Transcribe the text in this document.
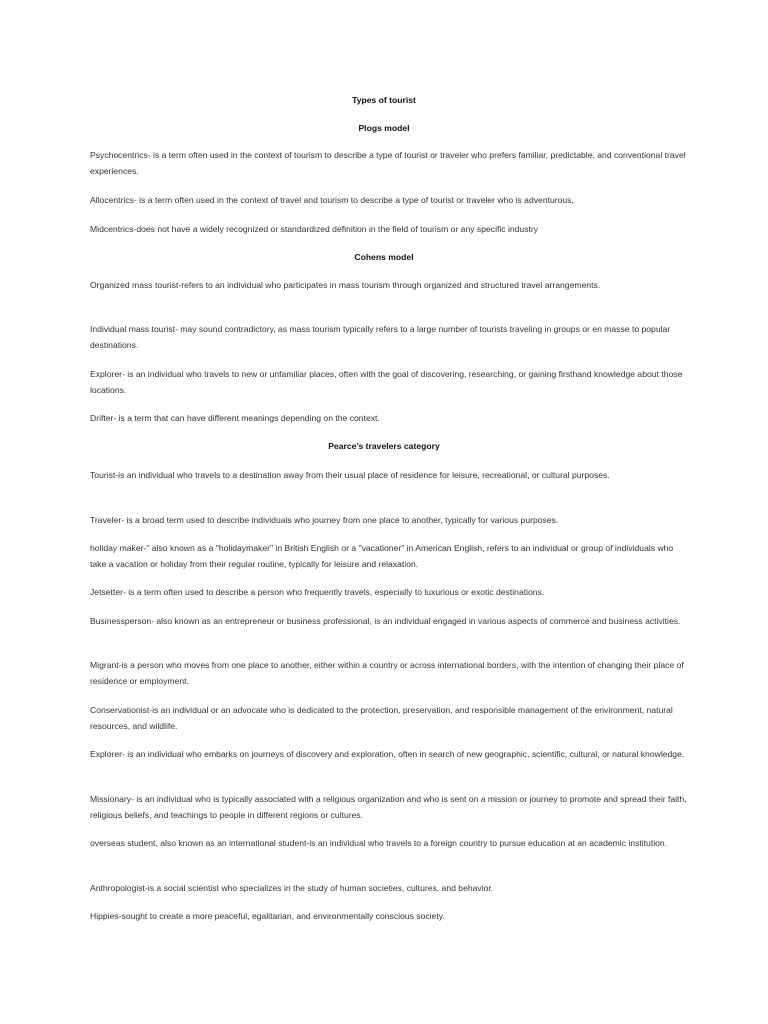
Types of tourist
Plogs model

Psychocentrics- is a term often used in the context of tourism to describe a type of tourist or traveler who prefers familiar, predictable, and conventional travel experiences.

Allocentrics- is a term often used in the context of travel and tourism to describe a type of tourist or traveler who is adventurous,

Midcentrics-does not have a widely recognized or standardized definition in the field of tourism or any specific industry

Cohens model

Organized mass tourist-refers to an individual who participates in mass tourism through organized and structured travel arrangements.

Individual mass tourist- may sound contradictory, as mass tourism typically refers to a large number of tourists traveling in groups or en masse to popular destinations.

Explorer- is an individual who travels to new or unfamiliar places, often with the goal of discovering, researching, or gaining firsthand knowledge about those locations.

Drifter- is a term that can have different meanings depending on the context.

Pearce’s travelers category

Tourist-is an individual who travels to a destination away from their usual place of residence for leisure, recreational, or cultural purposes.

Traveler- is a broad term used to describe individuals who journey from one place to another, typically for various purposes.

holiday maker-" also known as a "holidaymaker" in British English or a "vacationer" in American English, refers to an individual or group of individuals who take a vacation or holiday from their regular routine, typically for leisure and relaxation.

Jetsetter- is a term often used to describe a person who frequently travels, especially to luxurious or exotic destinations.

Businessperson- also known as an entrepreneur or business professional, is an individual engaged in various aspects of commerce and business activities.

Migrant-is a person who moves from one place to another, either within a country or across international borders, with the intention of changing their place of residence or employment.

Conservationist-is an individual or an advocate who is dedicated to the protection, preservation, and responsible management of the environment, natural resources, and wildlife.

Explorer- is an individual who embarks on journeys of discovery and exploration, often in search of new geographic, scientific, cultural, or natural knowledge.

Missionary- is an individual who is typically associated with a religious organization and who is sent on a mission or journey to promote and spread their faith, religious beliefs, and teachings to people in different regions or cultures.

overseas student, also known as an international student-is an individual who travels to a foreign country to pursue education at an academic institution.

Anthropologist-is a social scientist who specializes in the study of human societies, cultures, and behavior.

Hippies-sought to create a more peaceful, egalitarian, and environmentally conscious society.
